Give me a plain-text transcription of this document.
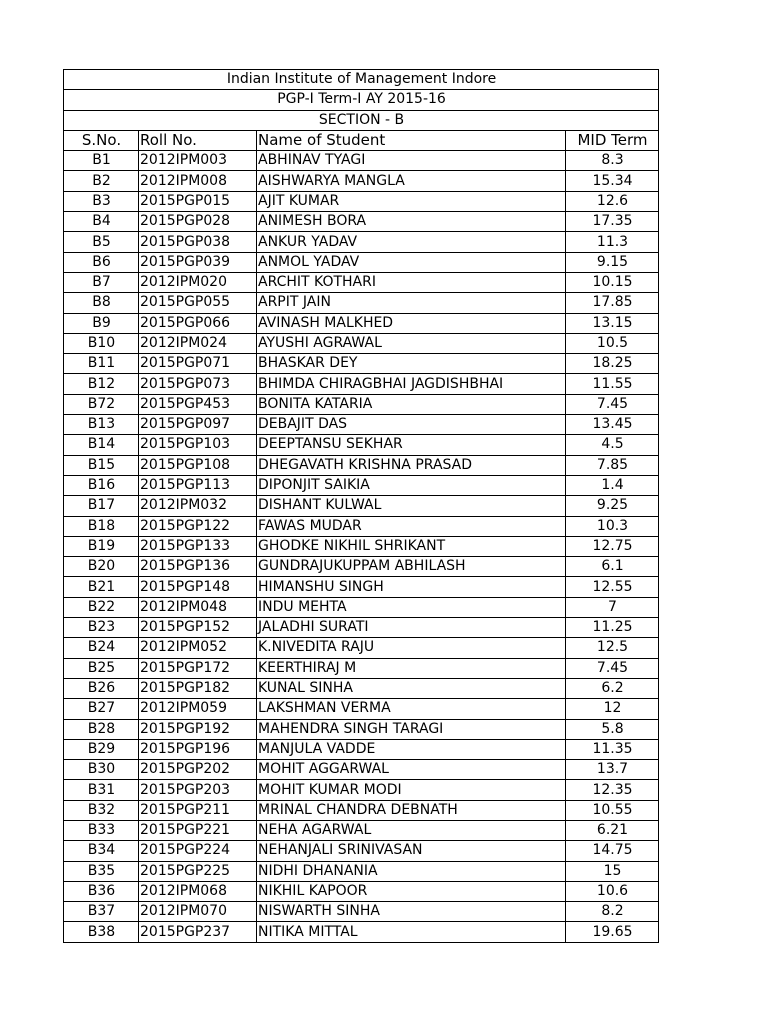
Indian Institute of Management Indore			
PGP-I Term-I AY 2015-16			
SECTION - B			
S.No.	Roll No.	Name of Student	MID Term
B1	2012IPM003	ABHINAV TYAGI	8.3
B2	2012IPM008	AISHWARYA MANGLA	15.34
B3	2015PGP015	AJIT KUMAR	12.6
B4	2015PGP028	ANIMESH BORA	17.35
B5	2015PGP038	ANKUR YADAV	11.3
B6	2015PGP039	ANMOL YADAV	9.15
B7	2012IPM020	ARCHIT KOTHARI	10.15
B8	2015PGP055	ARPIT JAIN	17.85
B9	2015PGP066	AVINASH MALKHED	13.15
B10	2012IPM024	AYUSHI AGRAWAL	10.5
B11	2015PGP071	BHASKAR DEY	18.25
B12	2015PGP073	BHIMDA CHIRAGBHAI JAGDISHBHAI	11.55
B72	2015PGP453	BONITA KATARIA	7.45
B13	2015PGP097	DEBAJIT DAS	13.45
B14	2015PGP103	DEEPTANSU SEKHAR	4.5
B15	2015PGP108	DHEGAVATH KRISHNA PRASAD	7.85
B16	2015PGP113	DIPONJIT SAIKIA	1.4
B17	2012IPM032	DISHANT KULWAL	9.25
B18	2015PGP122	FAWAS MUDAR	10.3
B19	2015PGP133	GHODKE NIKHIL SHRIKANT	12.75
B20	2015PGP136	GUNDRAJUKUPPAM ABHILASH	6.1
B21	2015PGP148	HIMANSHU SINGH	12.55
B22	2012IPM048	INDU MEHTA	7
B23	2015PGP152	JALADHI SURATI	11.25
B24	2012IPM052	K.NIVEDITA RAJU	12.5
B25	2015PGP172	KEERTHIRAJ M	7.45
B26	2015PGP182	KUNAL SINHA	6.2
B27	2012IPM059	LAKSHMAN VERMA	12
B28	2015PGP192	MAHENDRA SINGH TARAGI	5.8
B29	2015PGP196	MANJULA VADDE	11.35
B30	2015PGP202	MOHIT AGGARWAL	13.7
B31	2015PGP203	MOHIT KUMAR MODI	12.35
B32	2015PGP211	MRINAL CHANDRA DEBNATH	10.55
B33	2015PGP221	NEHA AGARWAL	6.21
B34	2015PGP224	NEHANJALI SRINIVASAN	14.75
B35	2015PGP225	NIDHI DHANANIA	15
B36	2012IPM068	NIKHIL KAPOOR	10.6
B37	2012IPM070	NISWARTH SINHA	8.2
B38	2015PGP237	NITIKA MITTAL	19.65
